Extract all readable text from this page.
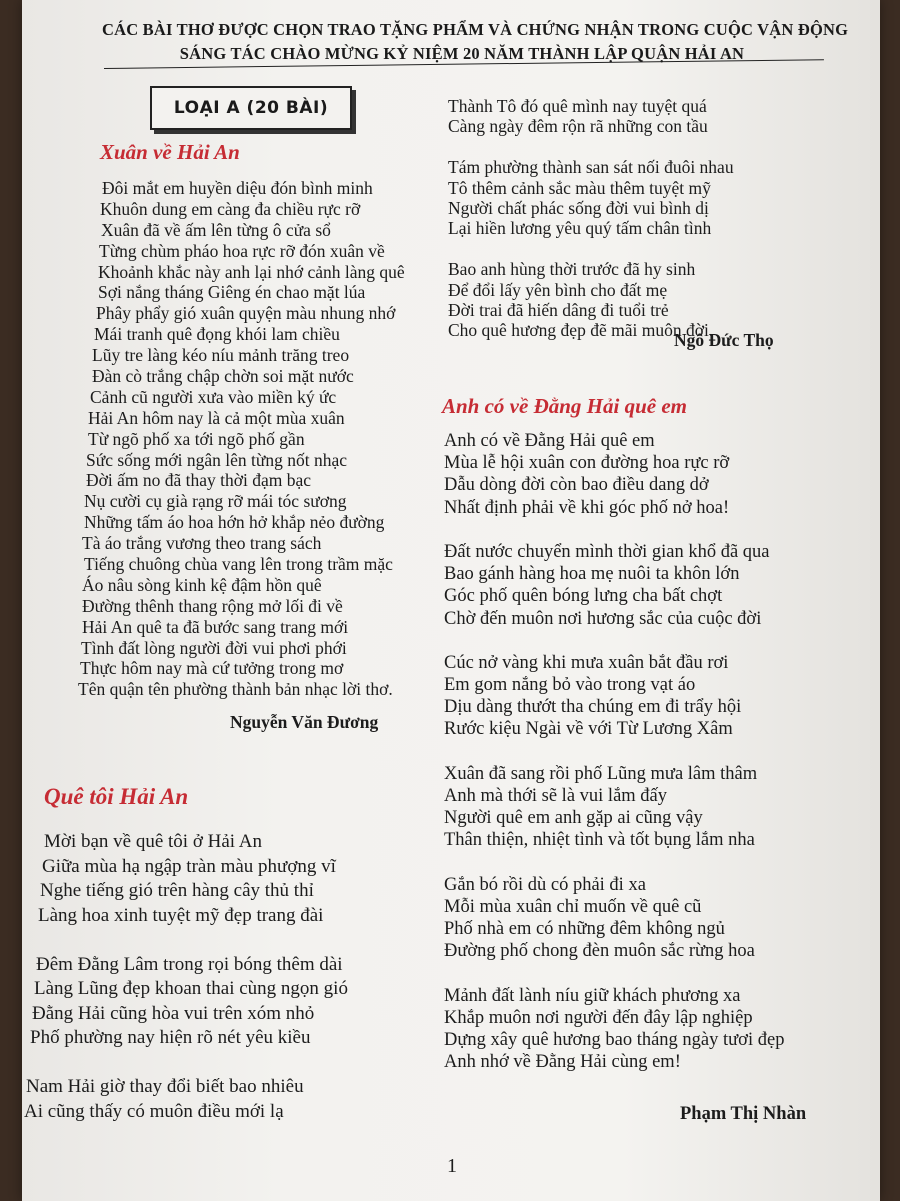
CÁC BÀI THƠ ĐƯỢC CHỌN TRAO TẶNG PHẨM VÀ CHỨNG NHẬN TRONG CUỘC VẬN ĐỘNG
SÁNG TÁC CHÀO MỪNG KỶ NIỆM 20 NĂM THÀNH LẬP QUẬN HẢI AN
LOẠI A (20 BÀI)
Xuân về Hải An
Đôi mắt em huyền diệu đón bình minh
Khuôn dung em càng đa chiều rực rỡ
Xuân đã về ấm lên từng ô cửa sổ
Từng chùm pháo hoa rực rỡ đón xuân về
Khoảnh khắc này anh lại nhớ cảnh làng quê
Sợi nắng tháng Giêng én chao mặt lúa
Phây phẩy gió xuân quyện màu nhung nhớ
Mái tranh quê đọng khói lam chiều
Lũy tre làng kéo níu mảnh trăng treo
Đàn cò trắng chập chờn soi mặt nước
Cảnh cũ người xưa vào miền ký ức
Hải An hôm nay là cả một mùa xuân
Từ ngõ phố xa tới ngõ phố gần
Sức sống mới ngân lên từng nốt nhạc
Đời ấm no đã thay thời đạm bạc
Nụ cười cụ già rạng rỡ mái tóc sương
Những tấm áo hoa hớn hở khắp nẻo đường
Tà áo trắng vương theo trang sách
Tiếng chuông chùa vang lên trong trầm mặc
Áo nâu sòng kinh kệ đậm hồn quê
Đường thênh thang rộng mở lối đi về
Hải An quê ta đã bước sang trang mới
Tình đất lòng người đời vui phơi phới
Thực hôm nay mà cứ tưởng trong mơ
Tên quận tên phường thành bản nhạc lời thơ.
Nguyễn Văn Đương
Thành Tô đó quê mình nay tuyệt quá
Càng ngày đêm rộn rã những con tầu
Tám phường thành san sát nối đuôi nhau
Tô thêm cảnh sắc màu thêm tuyệt mỹ
Người chất phác sống đời vui bình dị
Lại hiền lương yêu quý tấm chân tình
Bao anh hùng thời trước đã hy sinh
Để đổi lấy yên bình cho đất mẹ
Đời trai đã hiến dâng đi tuổi trẻ
Cho quê hương đẹp đẽ mãi muôn đời.
Ngô Đức Thọ
Quê tôi Hải An
Mời bạn về quê tôi ở Hải An
Giữa mùa hạ ngập tràn màu phượng vĩ
Nghe tiếng gió trên hàng cây thủ thỉ
Làng hoa xinh tuyệt mỹ đẹp trang đài
Đêm Đằng Lâm trong rọi bóng thêm dài
Làng Lũng đẹp khoan thai cùng ngọn gió
Đằng Hải cũng hòa vui trên xóm nhỏ
Phố phường nay hiện rõ nét yêu kiều
Nam Hải giờ thay đổi biết bao nhiêu
Ai cũng thấy có muôn điều mới lạ
Anh có về Đằng Hải quê em
Anh có về Đằng Hải quê em
Mùa lễ hội xuân con đường hoa rực rỡ
Dẫu dòng đời còn bao điều dang dở
Nhất định phải về khi góc phố nở hoa!
Đất nước chuyển mình thời gian khổ đã qua
Bao gánh hàng hoa mẹ nuôi ta khôn lớn
Góc phố quên bóng lưng cha bất chợt
Chờ đến muôn nơi hương sắc của cuộc đời
Cúc nở vàng khi mưa xuân bắt đầu rơi
Em gom nắng bỏ vào trong vạt áo
Dịu dàng thướt tha chúng em đi trẩy hội
Rước kiệu Ngài về với Từ Lương Xâm
Xuân đã sang rồi phố Lũng mưa lâm thâm
Anh mà thới sẽ là vui lắm đấy
Người quê em anh gặp ai cũng vậy
Thân thiện, nhiệt tình và tốt bụng lắm nha
Gắn bó rồi dù có phải đi xa
Mỗi mùa xuân chỉ muốn về quê cũ
Phố nhà em có những đêm không ngủ
Đường phố chong đèn muôn sắc rừng hoa
Mảnh đất lành níu giữ khách phương xa
Khắp muôn nơi người đến đây lập nghiệp
Dựng xây quê hương bao tháng ngày tươi đẹp
Anh nhớ về Đằng Hải cùng em!
Phạm Thị Nhàn
1
